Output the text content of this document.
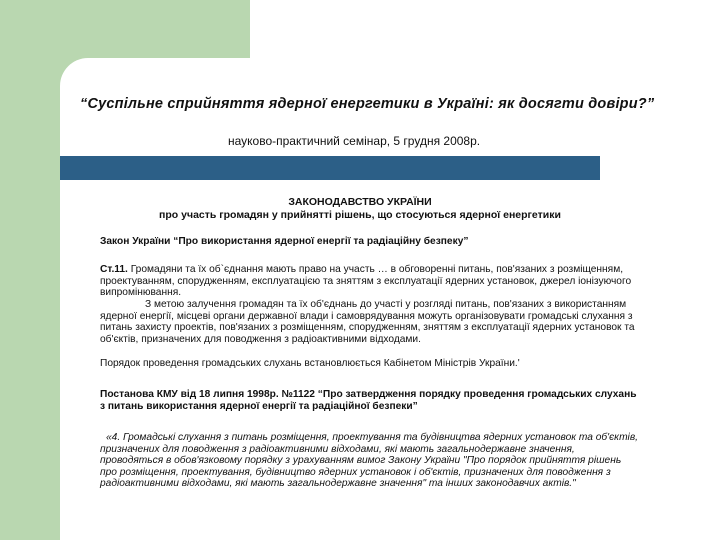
“Суспільне сприйняття ядерної енергетики в Україні: як досягти довіри?”
науково-практичний семінар, 5 грудня 2008р.
ЗАКОНОДАВСТВО УКРАЇНИ
про участь громадян у прийнятті рішень, що стосуються ядерної енергетики
Закон України “Про використання ядерної енергії та радіаційну безпеку”
Ст.11. Громадяни та їх об`єднання мають право на участь … в обговоренні питань, пов'язаних з розміщенням, проектуванням, спорудженням, експлуатацією та зняттям з експлуатації ядерних установок, джерел іонізуючого випромінювання.
З метою залучення громадян та їх об'єднань до участі у розгляді питань, пов'язаних з використанням ядерної енергії, місцеві органи державної влади і самоврядування можуть організовувати громадські слухання з питань захисту проектів, пов'язаних з розміщенням, спорудженням, зняттям з експлуатації ядерних установок та об'єктів, призначених для поводження з радіоактивними відходами.
Порядок проведення громадських слухань встановлюється Кабінетом Міністрів України.'
Постанова КМУ від 18 липня 1998р. №1122 “Про затвердження порядку проведення громадських слухань з питань використання ядерної енергії та радіаційної безпеки”
«4. Громадські слухання з питань розміщення, проектування та будівництва ядерних установок та об'єктів, призначених для поводження з радіоактивними відходами, які мають загальнодержавне значення, проводяться в обов'язковому порядку з урахуванням вимог Закону України "Про порядок прийняття рішень про розміщення, проектування, будівництво ядерних установок і об'єктів, призначених для поводження з радіоактивними відходами, які мають загальнодержавне значення" та інших законодавчих актів."
